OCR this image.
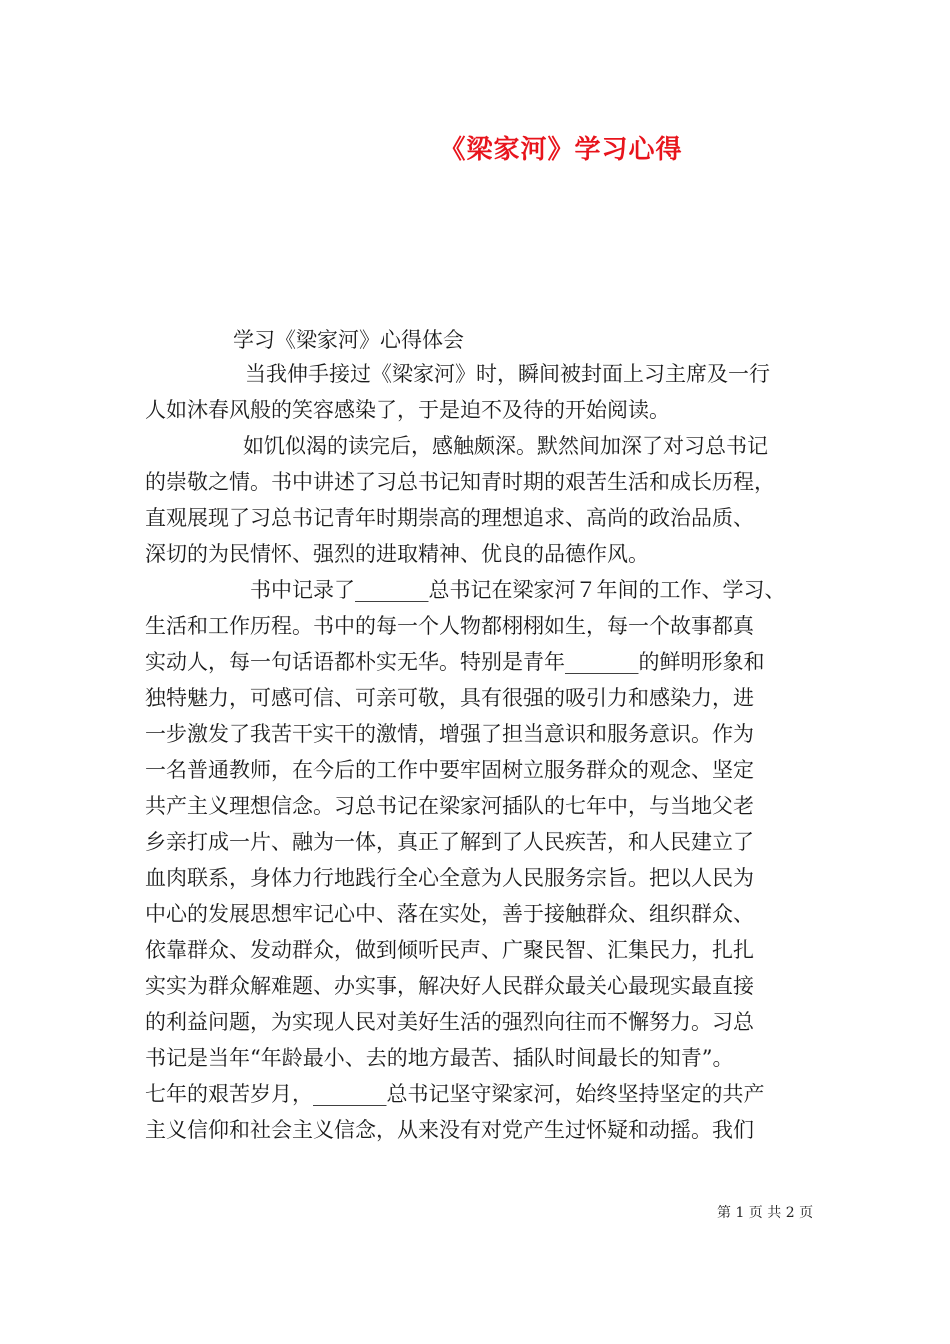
《梁家河》学习心得
学习《梁家河》心得体会
当我伸手接过《梁家河》时，瞬间被封面上习主席及一行
人如沐春风般的笑容感染了，于是迫不及待的开始阅读。
如饥似渴的读完后，感触颇深。默然间加深了对习总书记
的崇敬之情。书中讲述了习总书记知青时期的艰苦生活和成长历程，
直观展现了习总书记青年时期崇高的理想追求、高尚的政治品质、
深切的为民情怀、强烈的进取精神、优良的品德作风。
书中记录了_______总书记在梁家河７年间的工作、学习、
生活和工作历程。书中的每一个人物都栩栩如生，每一个故事都真
实动人，每一句话语都朴实无华。特别是青年_______的鲜明形象和
独特魅力，可感可信、可亲可敬，具有很强的吸引力和感染力，进
一步激发了我苦干实干的激情，增强了担当意识和服务意识。作为
一名普通教师，在今后的工作中要牢固树立服务群众的观念、坚定
共产主义理想信念。习总书记在梁家河插队的七年中，与当地父老
乡亲打成一片、融为一体，真正了解到了人民疾苦，和人民建立了
血肉联系，身体力行地践行全心全意为人民服务宗旨。把以人民为
中心的发展思想牢记心中、落在实处，善于接触群众、组织群众、
依靠群众、发动群众，做到倾听民声、广聚民智、汇集民力，扎扎
实实为群众解难题、办实事，解决好人民群众最关心最现实最直接
的利益问题，为实现人民对美好生活的强烈向往而不懈努力。习总
书记是当年“年龄最小、去的地方最苦、插队时间最长的知青”。
七年的艰苦岁月，_______总书记坚守梁家河，始终坚持坚定的共产
主义信仰和社会主义信念，从来没有对党产生过怀疑和动摇。我们
第 1 页 共 2 页
